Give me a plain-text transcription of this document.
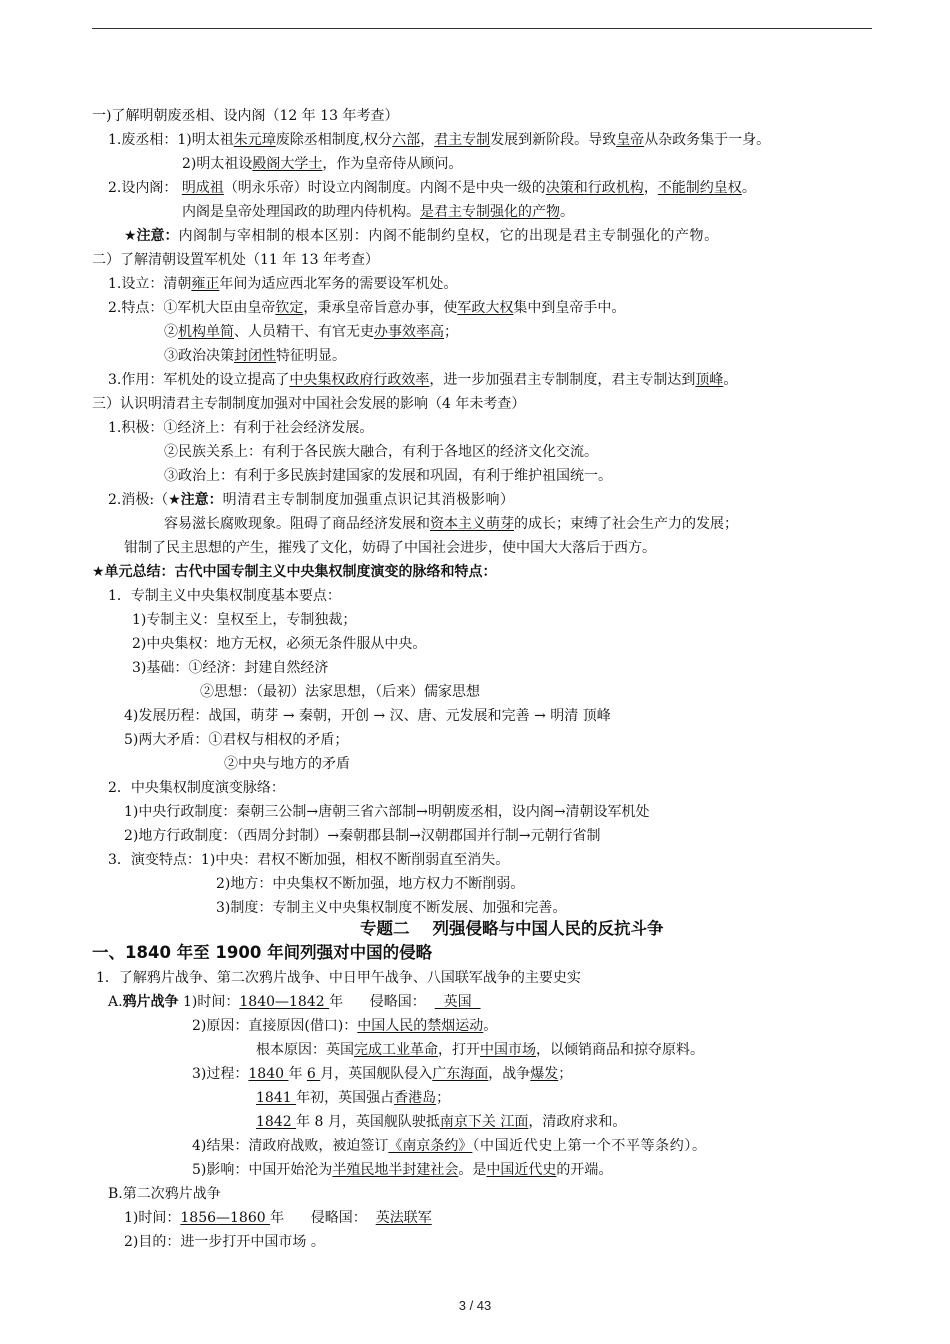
一)了解明朝废丞相、设内阁（12 年 13 年考查）
1.废丞相：1)明太祖朱元璋废除丞相制度,权分六部，君主专制发展到新阶段。导致皇帝从杂政务集于一身。
2)明太祖设殿阁大学士，作为皇帝侍从顾问。
2.设内阁： 明成祖（明永乐帝）时设立内阁制度。内阁不是中央一级的决策和行政机构，不能制约皇权。
内阁是皇帝处理国政的助理内侍机构。是君主专制强化的产物。
★注意：内阁制与宰相制的根本区别：内阁不能制约皇权，它的出现是君主专制强化的产物。
二）了解清朝设置军机处（11 年 13 年考查）
1.设立：清朝雍正年间为适应西北军务的需要设军机处。
2.特点：①军机大臣由皇帝钦定，秉承皇帝旨意办事，使军政大权集中到皇帝手中。
②机构单简、人员精干、有官无吏办事效率高；
③政治决策封闭性特征明显。
3.作用：军机处的设立提高了中央集权政府行政效率，进一步加强君主专制制度，君主专制达到顶峰。
三）认识明清君主专制制度加强对中国社会发展的影响（4 年未考查）
1.积极：①经济上：有利于社会经济发展。
②民族关系上：有利于各民族大融合，有利于各地区的经济文化交流。
③政治上：有利于多民族封建国家的发展和巩固，有利于维护祖国统一。
2.消极:（★注意：明清君主专制制度加强重点识记其消极影响）
容易滋长腐败现象。阻碍了商品经济发展和资本主义萌芽的成长；束缚了社会生产力的发展；
钳制了民主思想的产生，摧残了文化，妨碍了中国社会进步，使中国大大落后于西方。
★单元总结：古代中国专制主义中央集权制度演变的脉络和特点：
1．专制主义中央集权制度基本要点：
1)专制主义：皇权至上，专制独裁；
2)中央集权：地方无权，必须无条件服从中央。
3)基础：①经济：封建自然经济
②思想：（最初）法家思想，（后来）儒家思想
4)发展历程：战国，萌芽 → 秦朝，开创 → 汉、唐、元发展和完善 → 明清 顶峰
5)两大矛盾：①君权与相权的矛盾；
②中央与地方的矛盾
2．中央集权制度演变脉络：
1)中央行政制度：秦朝三公制→唐朝三省六部制→明朝废丞相，设内阁→清朝设军机处
2)地方行政制度：（西周分封制）→秦朝郡县制→汉朝郡国并行制→元朝行省制
3．演变特点：1)中央：君权不断加强，相权不断削弱直至消失。
2)地方：中央集权不断加强，地方权力不断削弱。
3)制度：专制主义中央集权制度不断发展、加强和完善。
专题二    列强侵略与中国人民的反抗斗争
一、1840 年至 1900 年间列强对中国的侵略
1．了解鸦片战争、第二次鸦片战争、中日甲午战争、八国联军战争的主要史实
A.鸦片战争 1)时间：1840—1842 年      侵略国：    英国
2)原因：直接原因(借口)：中国人民的禁烟运动。
根本原因：英国完成工业革命，打开中国市场，以倾销商品和掠夺原料。
3)过程：1840 年 6 月，英国舰队侵入广东海面，战争爆发；
1841 年初，英国强占香港岛；
1842 年 8 月，英国舰队驶抵南京下关 江面，清政府求和。
4)结果：清政府战败，被迫签订《南京条约》（中国近代史上第一个不平等条约）。
5)影响：中国开始沦为半殖民地半封建社会。是中国近代史的开端。
B.第二次鸦片战争
1)时间：1856—1860 年      侵略国：  英法联军
2)目的：进一步打开中国市场 。
3 / 43
